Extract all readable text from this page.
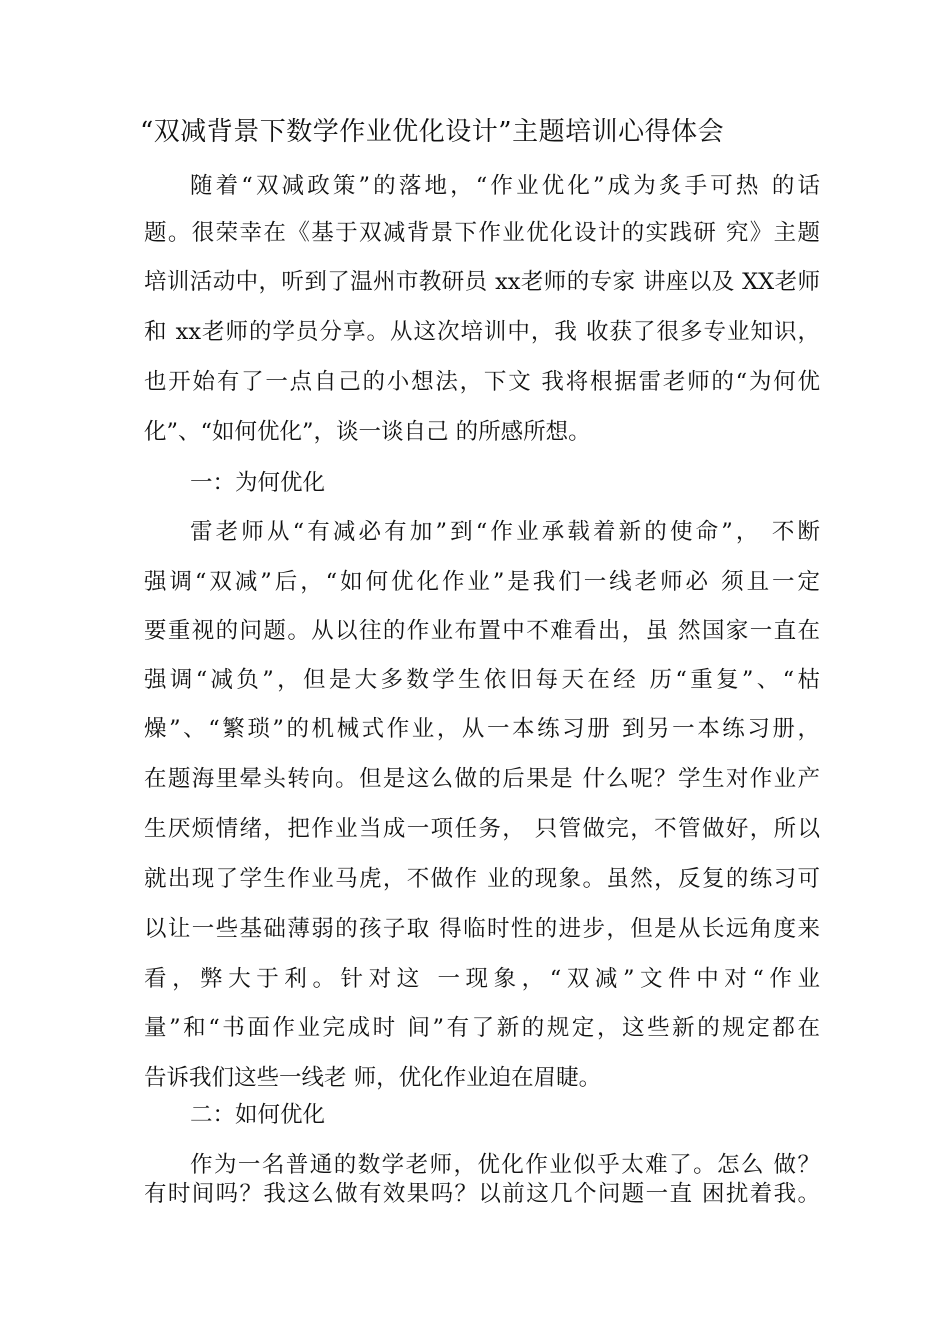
“双减背景下数学作业优化设计”主题培训心得体会
随着“双减政策”的落地，“作业优化”成为炙手可热 的话
题。很荣幸在《基于双减背景下作业优化设计的实践研 究》主题
培训活动中，听到了温州市教研员 xx老师的专家 讲座以及 XX老师
和 xx老师的学员分享。从这次培训中，我 收获了很多专业知识，
也开始有了一点自己的小想法，下文 我将根据雷老师的“为何优
化”、“如何优化”，谈一谈自己 的所感所想。
一：为何优化
雷老师从“有减必有加”到“作业承载着新的使命”， 不断
强调“双减”后，“如何优化作业”是我们一线老师必 须且一定
要重视的问题。从以往的作业布置中不难看出，虽 然国家一直在
强调“减负”，但是大多数学生依旧每天在经 历“重复”、“枯
燥”、“繁琐”的机械式作业，从一本练习册 到另一本练习册，
在题海里晕头转向。但是这么做的后果是 什么呢？学生对作业产
生厌烦情绪，把作业当成一项任务， 只管做完，不管做好，所以
就出现了学生作业马虎，不做作 业的现象。虽然，反复的练习可
以让一些基础薄弱的孩子取 得临时性的进步，但是从长远角度来
看，弊大于利。针对这 一现象，“双减”文件中对“作业
量”和“书面作业完成时 间”有了新的规定，这些新的规定都在
告诉我们这些一线老 师，优化作业迫在眉睫。
二：如何优化
作为一名普通的数学老师，优化作业似乎太难了。怎么 做？
有时间吗？我这么做有效果吗？以前这几个问题一直 困扰着我。
